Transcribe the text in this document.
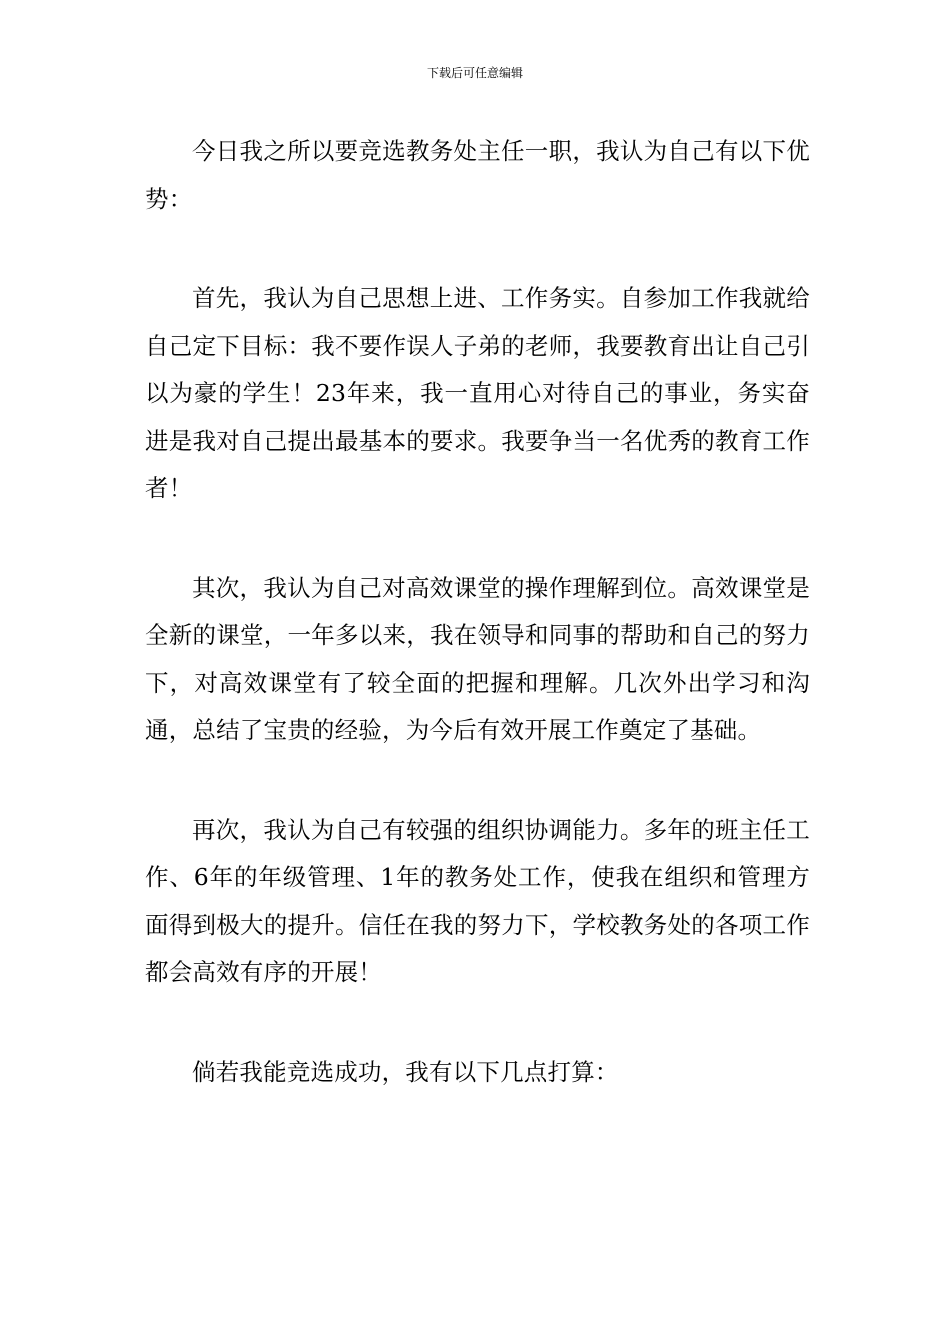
下载后可任意编辑

今日我之所以要竞选教务处主任一职，我认为自己有以下优势：

首先，我认为自己思想上进、工作务实。自参加工作我就给自己定下目标：我不要作误人子弟的老师，我要教育出让自己引以为豪的学生！23年来，我一直用心对待自己的事业，务实奋进是我对自己提出最基本的要求。我要争当一名优秀的教育工作者！

其次，我认为自己对高效课堂的操作理解到位。高效课堂是全新的课堂，一年多以来，我在领导和同事的帮助和自己的努力下，对高效课堂有了较全面的把握和理解。几次外出学习和沟通，总结了宝贵的经验，为今后有效开展工作奠定了基础。

再次，我认为自己有较强的组织协调能力。多年的班主任工作、6年的年级管理、1年的教务处工作，使我在组织和管理方面得到极大的提升。信任在我的努力下，学校教务处的各项工作都会高效有序的开展！

倘若我能竞选成功，我有以下几点打算：
